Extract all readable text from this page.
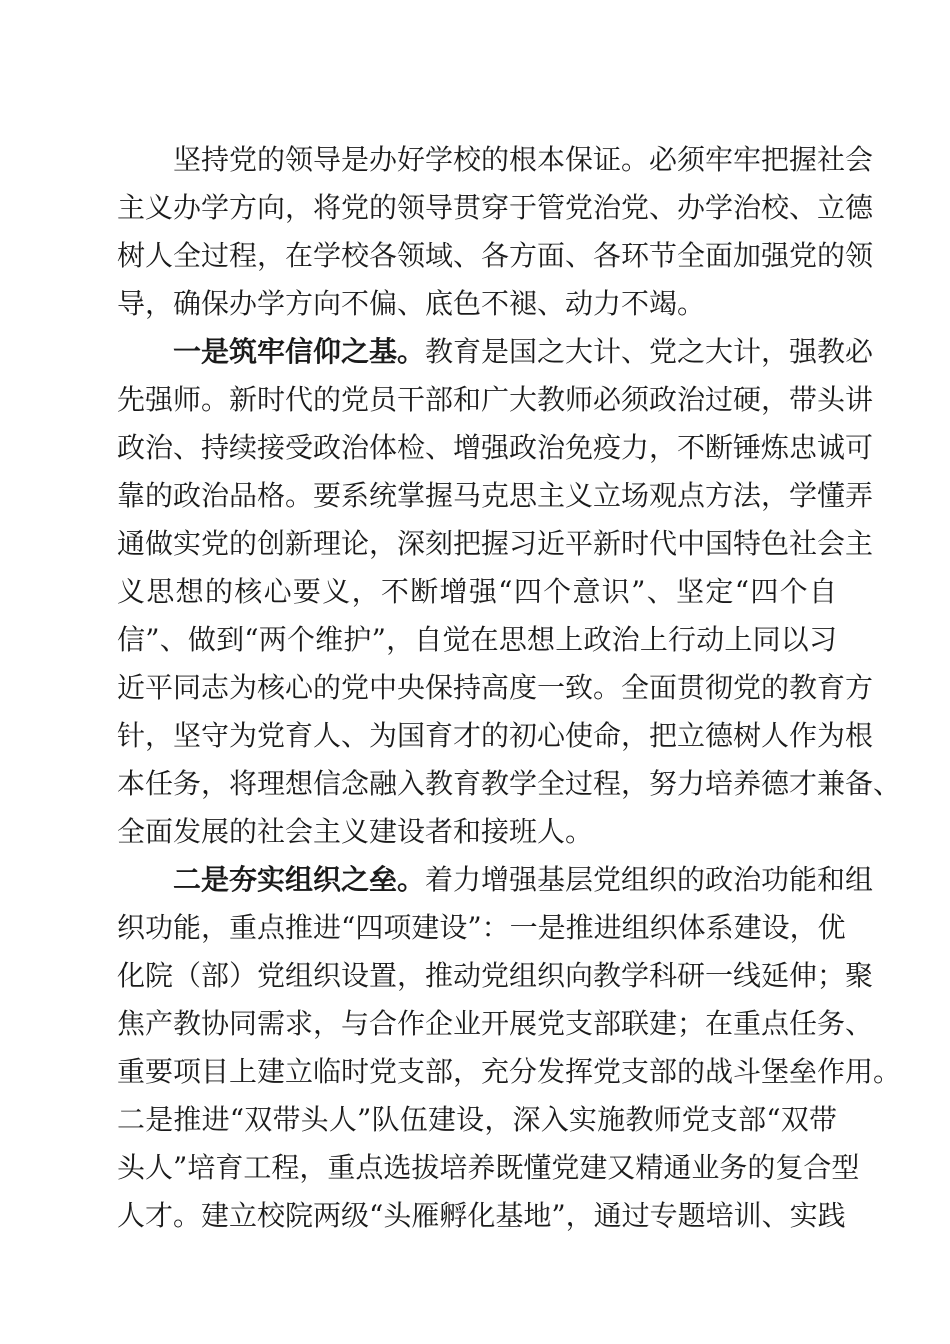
坚持党的领导是办好学校的根本保证。必须牢牢把握社会
主义办学方向，将党的领导贯穿于管党治党、办学治校、立德
树人全过程，在学校各领域、各方面、各环节全面加强党的领
导，确保办学方向不偏、底色不褪、动力不竭。
一是筑牢信仰之基。教育是国之大计、党之大计，强教必
先强师。新时代的党员干部和广大教师必须政治过硬，带头讲
政治、持续接受政治体检、增强政治免疫力，不断锤炼忠诚可
靠的政治品格。要系统掌握马克思主义立场观点方法，学懂弄
通做实党的创新理论，深刻把握习近平新时代中国特色社会主
义思想的核心要义，不断增强“四个意识”、坚定“四个自
信”、做到“两个维护”，自觉在思想上政治上行动上同以习
近平同志为核心的党中央保持高度一致。全面贯彻党的教育方
针，坚守为党育人、为国育才的初心使命，把立德树人作为根
本任务，将理想信念融入教育教学全过程，努力培养德才兼备、
全面发展的社会主义建设者和接班人。
二是夯实组织之垒。着力增强基层党组织的政治功能和组
织功能，重点推进“四项建设”：一是推进组织体系建设，优
化院（部）党组织设置，推动党组织向教学科研一线延伸；聚
焦产教协同需求，与合作企业开展党支部联建；在重点任务、
重要项目上建立临时党支部，充分发挥党支部的战斗堡垒作用。
二是推进“双带头人”队伍建设，深入实施教师党支部“双带
头人”培育工程，重点选拔培养既懂党建又精通业务的复合型
人才。建立校院两级“头雁孵化基地”，通过专题培训、实践
